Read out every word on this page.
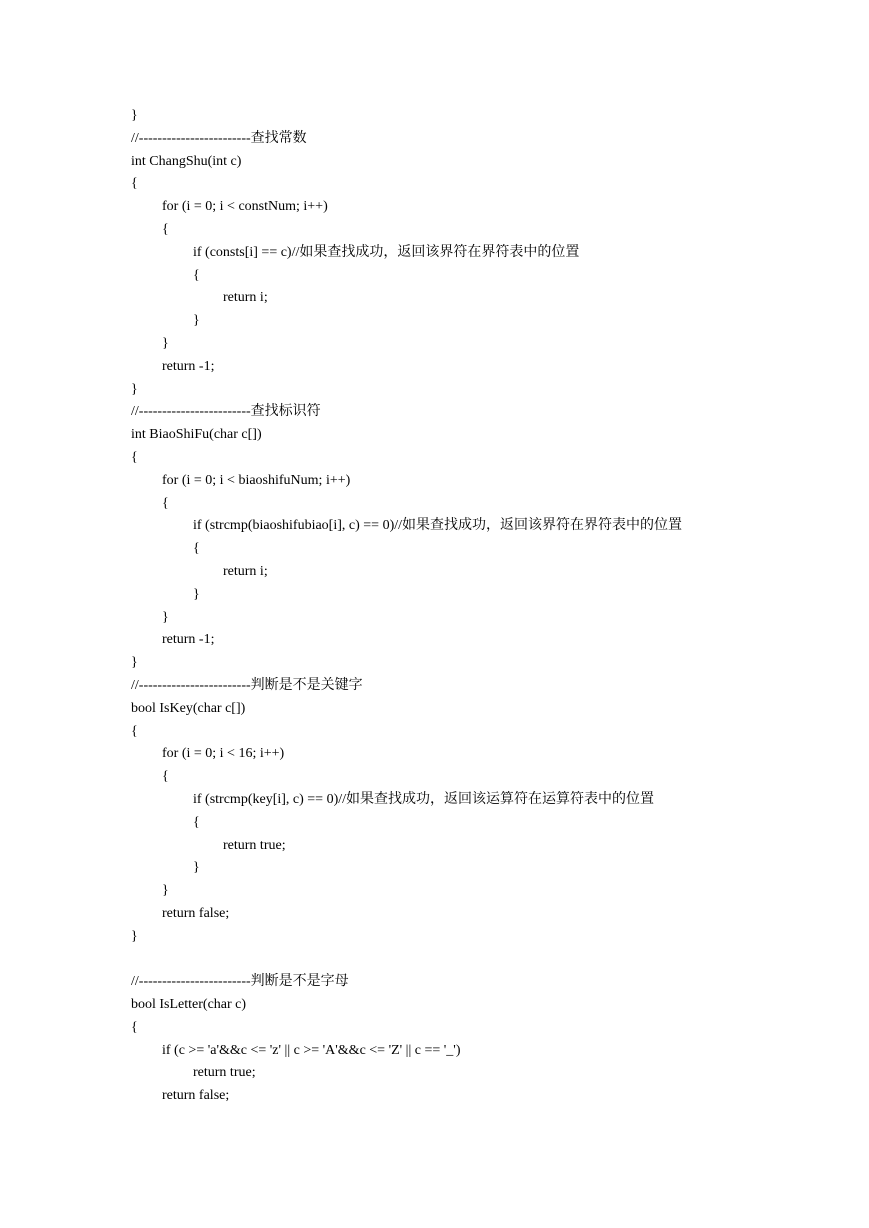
}
//------------------------查找常数
int ChangShu(int c)
{
for (i = 0; i < constNum; i++)
{
if (consts[i] == c)//如果查找成功，返回该界符在界符表中的位置
{
return i;
}
}
return -1;
}
//------------------------查找标识符
int BiaoShiFu(char c[])
{
for (i = 0; i < biaoshifuNum; i++)
{
if (strcmp(biaoshifubiao[i], c) == 0)//如果查找成功，返回该界符在界符表中的位置
{
return i;
}
}
return -1;
}
//------------------------判断是不是关键字
bool IsKey(char c[])
{
for (i = 0; i < 16; i++)
{
if (strcmp(key[i], c) == 0)//如果查找成功，返回该运算符在运算符表中的位置
{
return true;
}
}
return false;
}
//------------------------判断是不是字母
bool IsLetter(char c)
{
if (c >= 'a'&&c <= 'z' || c >= 'A'&&c <= 'Z' || c == '_')
return true;
return false;
